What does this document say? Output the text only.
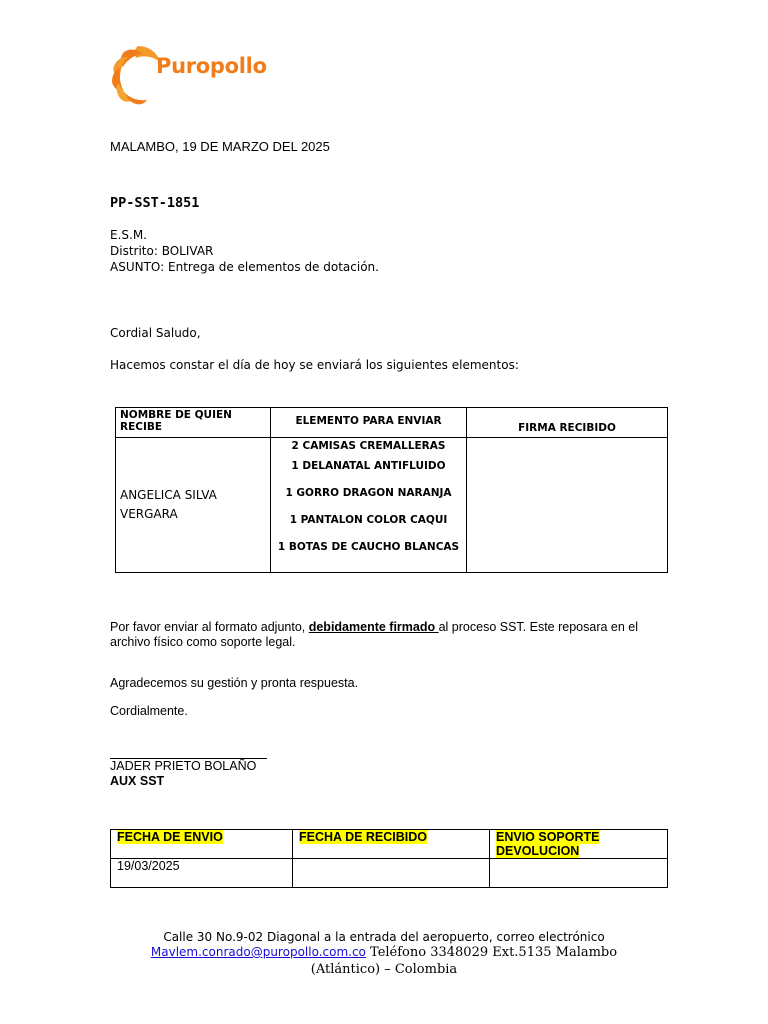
Puropollo
MALAMBO, 19 DE MARZO DEL 2025
PP-SST-1851
E.S.M.
Distrito: BOLIVAR
ASUNTO: Entrega de elementos de dotación.
Cordial Saludo,
Hacemos constar el día de hoy se enviará los siguientes elementos:
NOMBRE DE QUIEN RECIBE	ELEMENTO PARA ENVIAR	FIRMA RECIBIDO
ANGELICA SILVA VERGARA	2 CAMISAS CREMALLERAS
1 DELANATAL ANTIFLUIDO
1 GORRO DRAGON NARANJA
1 PANTALON COLOR CAQUI
1 BOTAS DE CAUCHO BLANCAS	

Por favor enviar al formato adjunto, debidamente firmado al proceso SST. Este reposara en el archivo físico como soporte legal.
Agradecemos su gestión y pronta respuesta.
Cordialmente.
JADER PRIETO BOLAÑO
AUX SST
FECHA DE ENVIO	FECHA DE RECIBIDO	ENVIO SOPORTE DEVOLUCION
19/03/2025		
Calle 30 No.9-02 Diagonal a la entrada del aeropuerto, correo electrónico
Mavlem.conrado@puropollo.com.co Teléfono 3348029 Ext.5135 Malambo
(Atlántico) – Colombia
